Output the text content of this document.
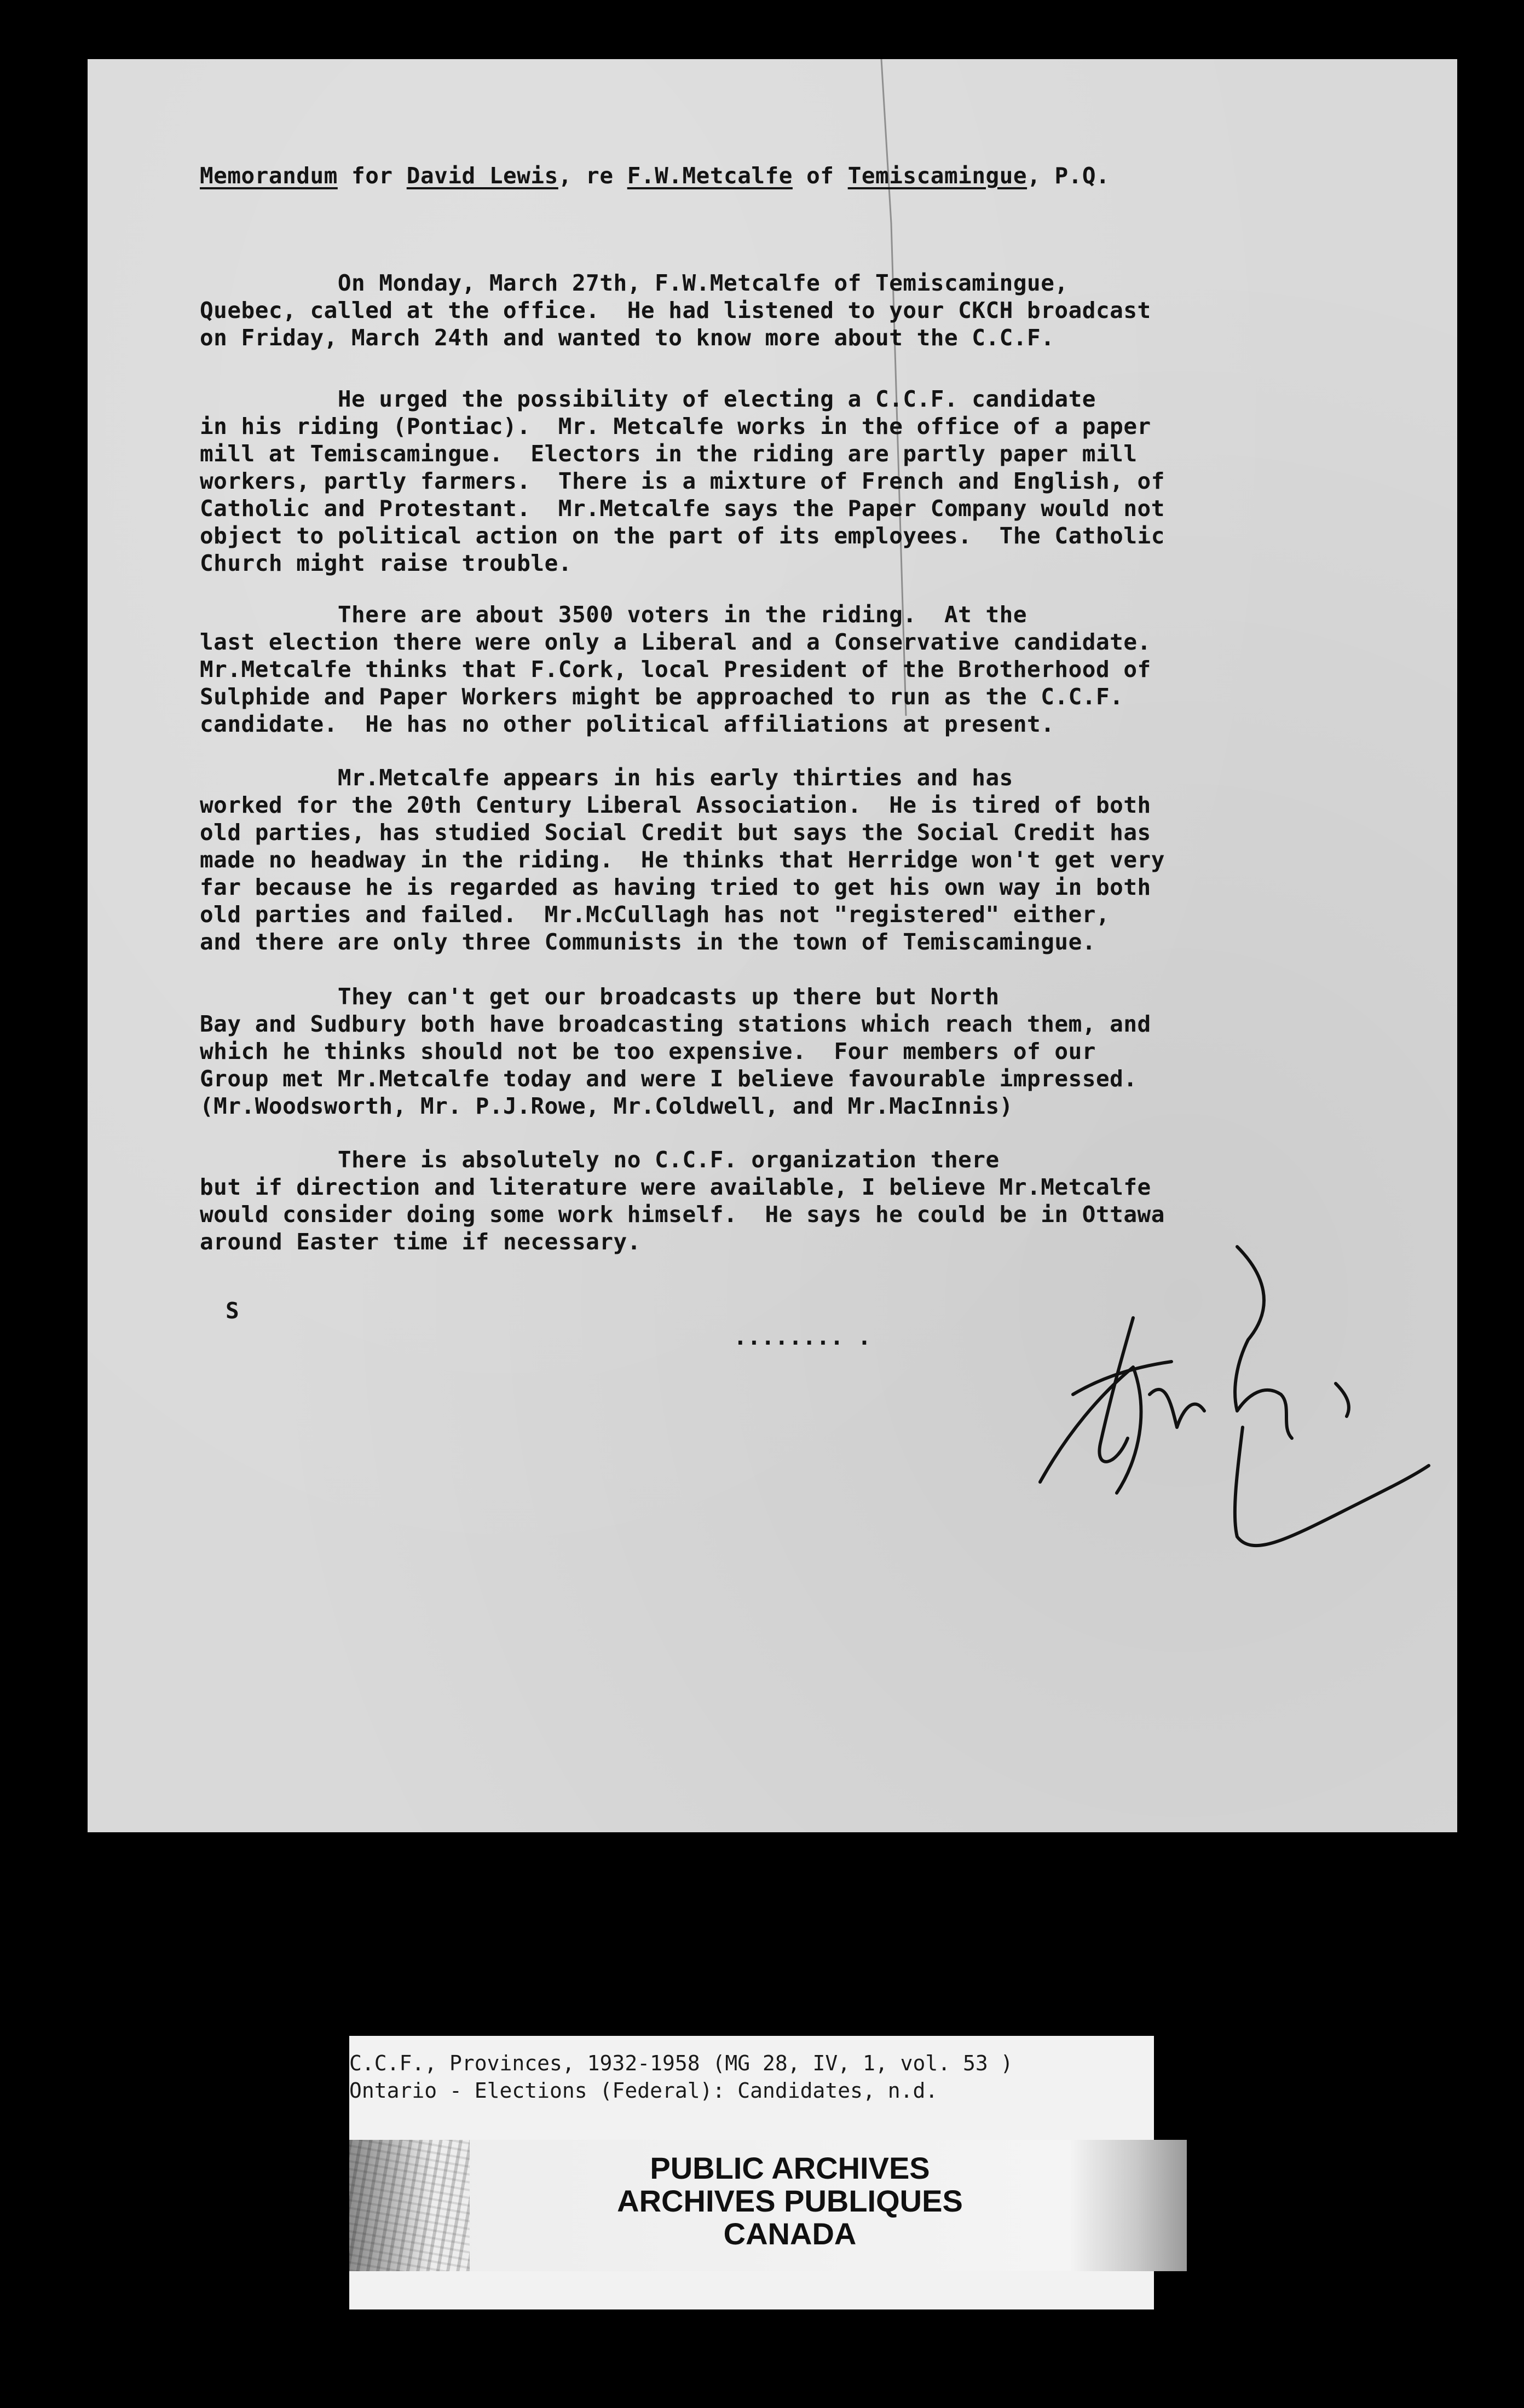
Memorandum for David Lewis, re F.W.Metcalfe of Temiscamingue, P.Q.
On Monday, March 27th, F.W.Metcalfe of Temiscamingue,
Quebec, called at the office.  He had listened to your CKCH broadcast
on Friday, March 24th and wanted to know more about the C.C.F.
He urged the possibility of electing a C.C.F. candidate
in his riding (Pontiac).  Mr. Metcalfe works in the office of a paper
mill at Temiscamingue.  Electors in the riding are partly paper mill
workers, partly farmers.  There is a mixture of French and English, of
Catholic and Protestant.  Mr.Metcalfe says the Paper Company would not
object to political action on the part of its employees.  The Catholic
Church might raise trouble.
There are about 3500 voters in the riding.  At the
last election there were only a Liberal and a Conservative candidate.
Mr.Metcalfe thinks that F.Cork, local President of the Brotherhood of
Sulphide and Paper Workers might be approached to run as the C.C.F.
candidate.  He has no other political affiliations at present.
Mr.Metcalfe appears in his early thirties and has
worked for the 20th Century Liberal Association.  He is tired of both
old parties, has studied Social Credit but says the Social Credit has
made no headway in the riding.  He thinks that Herridge won't get very
far because he is regarded as having tried to get his own way in both
old parties and failed.  Mr.McCullagh has not "registered" either,
and there are only three Communists in the town of Temiscamingue.
They can't get our broadcasts up there but North
Bay and Sudbury both have broadcasting stations which reach them, and
which he thinks should not be too expensive.  Four members of our
Group met Mr.Metcalfe today and were I believe favourable impressed.
(Mr.Woodsworth, Mr. P.J.Rowe, Mr.Coldwell, and Mr.MacInnis)
There is absolutely no C.C.F. organization there
but if direction and literature were available, I believe Mr.Metcalfe
would consider doing some work himself.  He says he could be in Ottawa
around Easter time if necessary.
S
........ .
C.C.F., Provinces, 1932-1958 (MG 28, IV, 1, vol. 53 )
Ontario - Elections (Federal): Candidates, n.d.
PUBLIC ARCHIVES
ARCHIVES PUBLIQUES
CANADA
